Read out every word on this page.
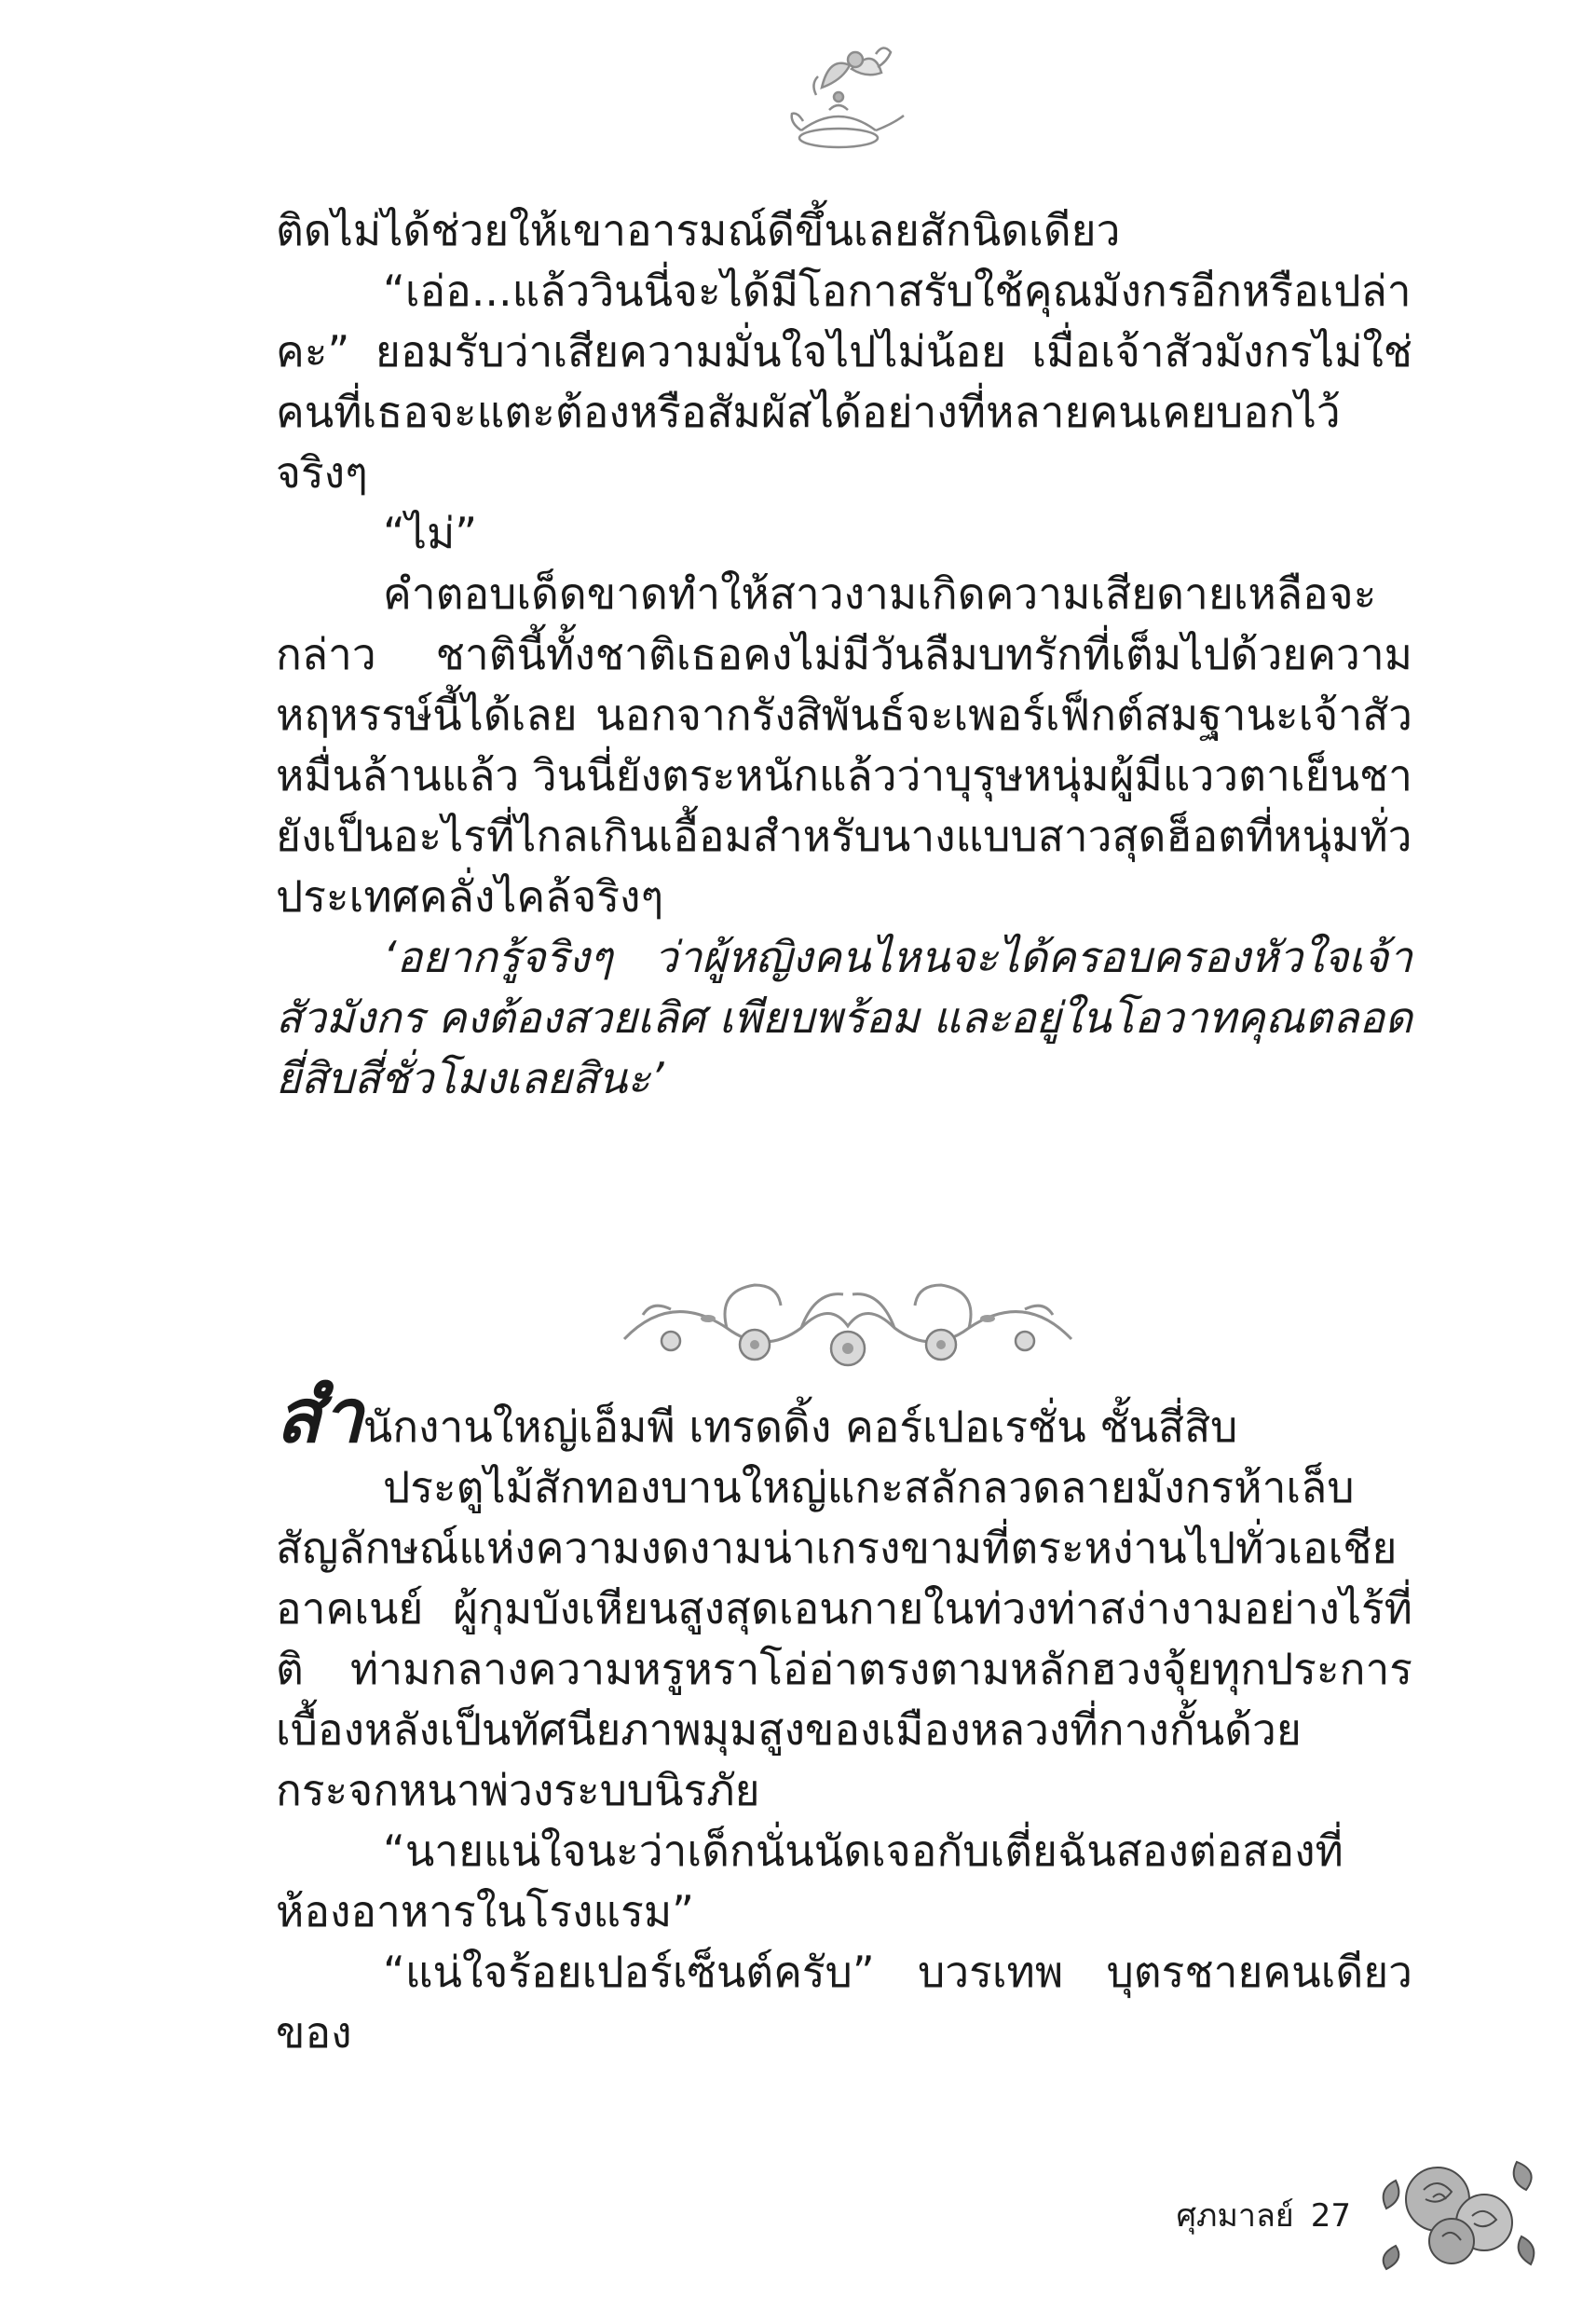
ติดไม่ได้ช่วยให้เขาอารมณ์ดีขึ้นเลยสักนิดเดียว

“เอ่อ...แล้ววินนี่จะได้มีโอกาสรับใช้คุณมังกรอีกหรือเปล่าคะ” ยอมรับว่าเสียความมั่นใจไปไม่น้อย เมื่อเจ้าสัวมังกรไม่ใช่คนที่เธอจะแตะต้องหรือสัมผัสได้อย่างที่หลายคนเคยบอกไว้จริงๆ

“ไม่”

คำตอบเด็ดขาดทำให้สาวงามเกิดความเสียดายเหลือจะกล่าว ชาตินี้ทั้งชาติเธอคงไม่มีวันลืมบทรักที่เต็มไปด้วยความหฤหรรษ์นี้ได้เลย นอกจากรังสิพันธ์จะเพอร์เฟ็กต์สมฐานะเจ้าสัวหมื่นล้านแล้ว วินนี่ยังตระหนักแล้วว่าบุรุษหนุ่มผู้มีแววตาเย็นชายังเป็นอะไรที่ไกลเกินเอื้อมสำหรับนางแบบสาวสุดฮ็อตที่หนุ่มทั่วประเทศคลั่งไคล้จริงๆ

‘อยากรู้จริงๆ ว่าผู้หญิงคนไหนจะได้ครอบครองหัวใจเจ้าสัวมังกร คงต้องสวยเลิศ เพียบพร้อม และอยู่ในโอวาทคุณตลอดยี่สิบสี่ชั่วโมงเลยสินะ’

สำนักงานใหญ่เอ็มพี เทรดดิ้ง คอร์เปอเรชั่น ชั้นสี่สิบ

ประตูไม้สักทองบานใหญ่แกะสลักลวดลายมังกรห้าเล็บ สัญลักษณ์แห่งความงดงามน่าเกรงขามที่ตระหง่านไปทั่วเอเชียอาคเนย์ ผู้กุมบังเหียนสูงสุดเอนกายในท่วงท่าสง่างามอย่างไร้ที่ติ ท่ามกลางความหรูหราโอ่อ่าตรงตามหลักฮวงจุ้ยทุกประการ เบื้องหลังเป็นทัศนียภาพมุมสูงของเมืองหลวงที่กางกั้นด้วยกระจกหนาพ่วงระบบนิรภัย

“นายแน่ใจนะว่าเด็กนั่นนัดเจอกับเตี่ยฉันสองต่อสองที่ห้องอาหารในโรงแรม”

“แน่ใจร้อยเปอร์เซ็นต์ครับ” บวรเทพ บุตรชายคนเดียวของ

ศุภมาลย์ 27
